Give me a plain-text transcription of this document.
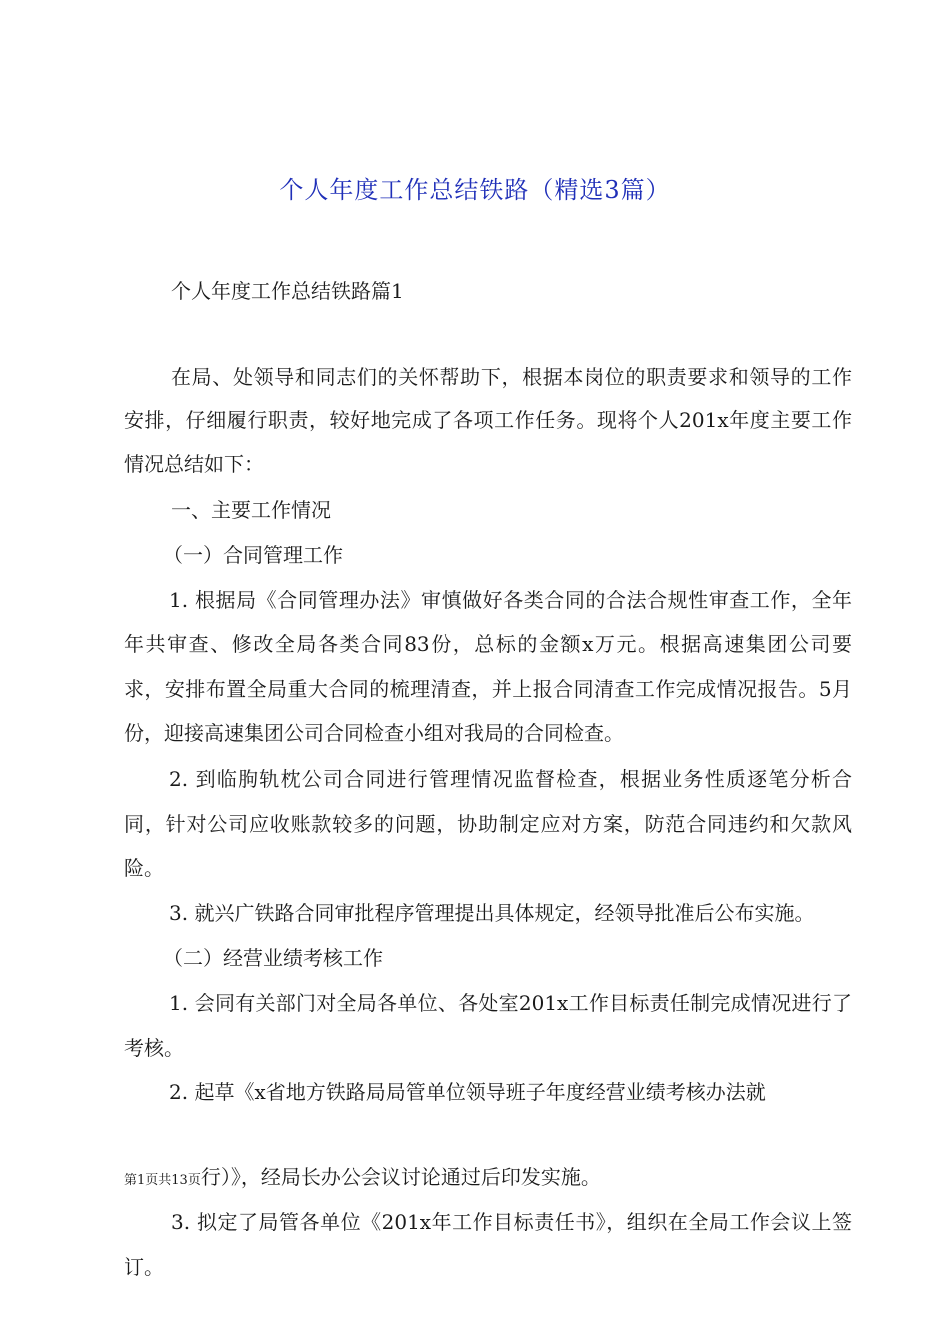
个人年度工作总结铁路（精选3篇）
个人年度工作总结铁路篇1
在局、处领导和同志们的关怀帮助下，根据本岗位的职责要求和领导的工作
安排，仔细履行职责，较好地完成了各项工作任务。现将个人201x年度主要工作
情况总结如下：
一、主要工作情况
（一）合同管理工作
1. 根据局《合同管理办法》审慎做好各类合同的合法合规性审查工作，全年
年共审查、修改全局各类合同83份，总标的金额x万元。根据高速集团公司要
求，安排布置全局重大合同的梳理清查，并上报合同清查工作完成情况报告。5月
份，迎接高速集团公司合同检查小组对我局的合同检查。
2. 到临朐轨枕公司合同进行管理情况监督检查，根据业务性质逐笔分析合
同，针对公司应收账款较多的问题，协助制定应对方案，防范合同违约和欠款风
险。
3. 就兴广铁路合同审批程序管理提出具体规定，经领导批准后公布实施。
（二）经营业绩考核工作
1. 会同有关部门对全局各单位、各处室201x工作目标责任制完成情况进行了
考核。
2. 起草《x省地方铁路局局管单位领导班子年度经营业绩考核办法就
第1页共13页行）》，经局长办公会议讨论通过后印发实施。
3. 拟定了局管各单位《201x年工作目标责任书》，组织在全局工作会议上签
订。
